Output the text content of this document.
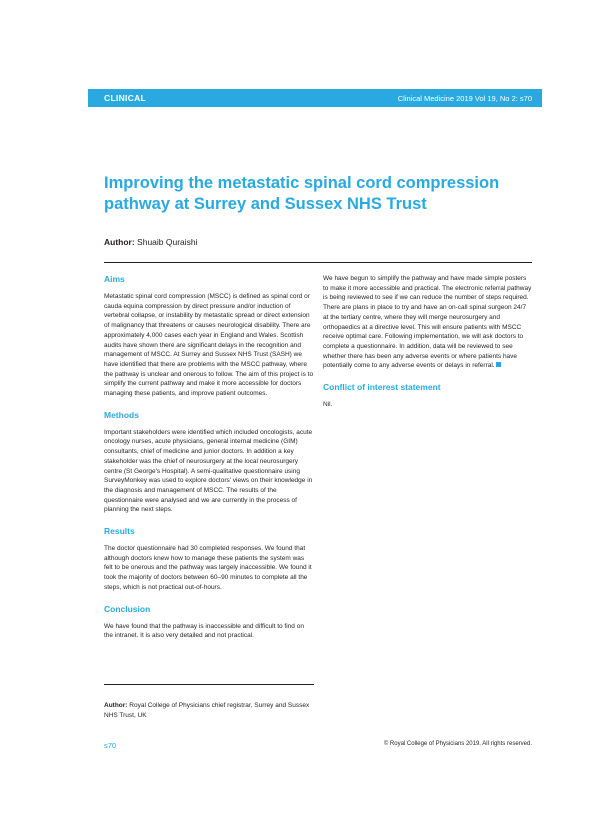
CLINICAL	Clinical Medicine 2019 Vol 19, No 2: s70
Improving the metastatic spinal cord compression pathway at Surrey and Sussex NHS Trust
Author: Shuaib Quraishi
Aims

Metastatic spinal cord compression (MSCC) is defined as spinal cord or cauda equina compression by direct pressure and/or induction of vertebral collapse, or instability by metastatic spread or direct extension of malignancy that threatens or causes neurological disability. There are approximately 4,000 cases each year in England and Wales. Scottish audits have shown there are significant delays in the recognition and management of MSCC. At Surrey and Sussex NHS Trust (SASH) we have identified that there are problems with the MSCC pathway, where the pathway is unclear and onerous to follow. The aim of this project is to simplify the current pathway and make it more accessible for doctors managing these patients, and improve patient outcomes.

Methods

Important stakeholders were identified which included oncologists, acute oncology nurses, acute physicians, general internal medicine (GIM) consultants, chief of medicine and junior doctors. In addition a key stakeholder was the chief of neurosurgery at the local neurosurgery centre (St George's Hospital). A semi-qualitative questionnaire using SurveyMonkey was used to explore doctors' views on their knowledge in the diagnosis and management of MSCC. The results of the questionnaire were analysed and we are currently in the process of planning the next steps.

Results

The doctor questionnaire had 30 completed responses. We found that although doctors knew how to manage these patients the system was felt to be onerous and the pathway was largely inaccessible. We found it took the majority of doctors between 60–90 minutes to complete all the steps, which is not practical out-of-hours.

Conclusion

We have found that the pathway is inaccessible and difficult to find on the intranet. It is also very detailed and not practical.

We have begun to simplify the pathway and have made simple posters to make it more accessible and practical. The electronic referral pathway is being reviewed to see if we can reduce the number of steps required. There are plans in place to try and have an on-call spinal surgeon 24/7 at the tertiary centre, where they will merge neurosurgery and orthopaedics at a directive level. This will ensure patients with MSCC receive optimal care. Following implementation, we will ask doctors to complete a questionnaire. In addition, data will be reviewed to see whether there has been any adverse events or where patients have potentially come to any adverse events or delays in referral.

Conflict of interest statement

Nil.

Author: Royal College of Physicians chief registrar, Surrey and Sussex NHS Trust, UK
s70	© Royal College of Physicians 2019. All rights reserved.
